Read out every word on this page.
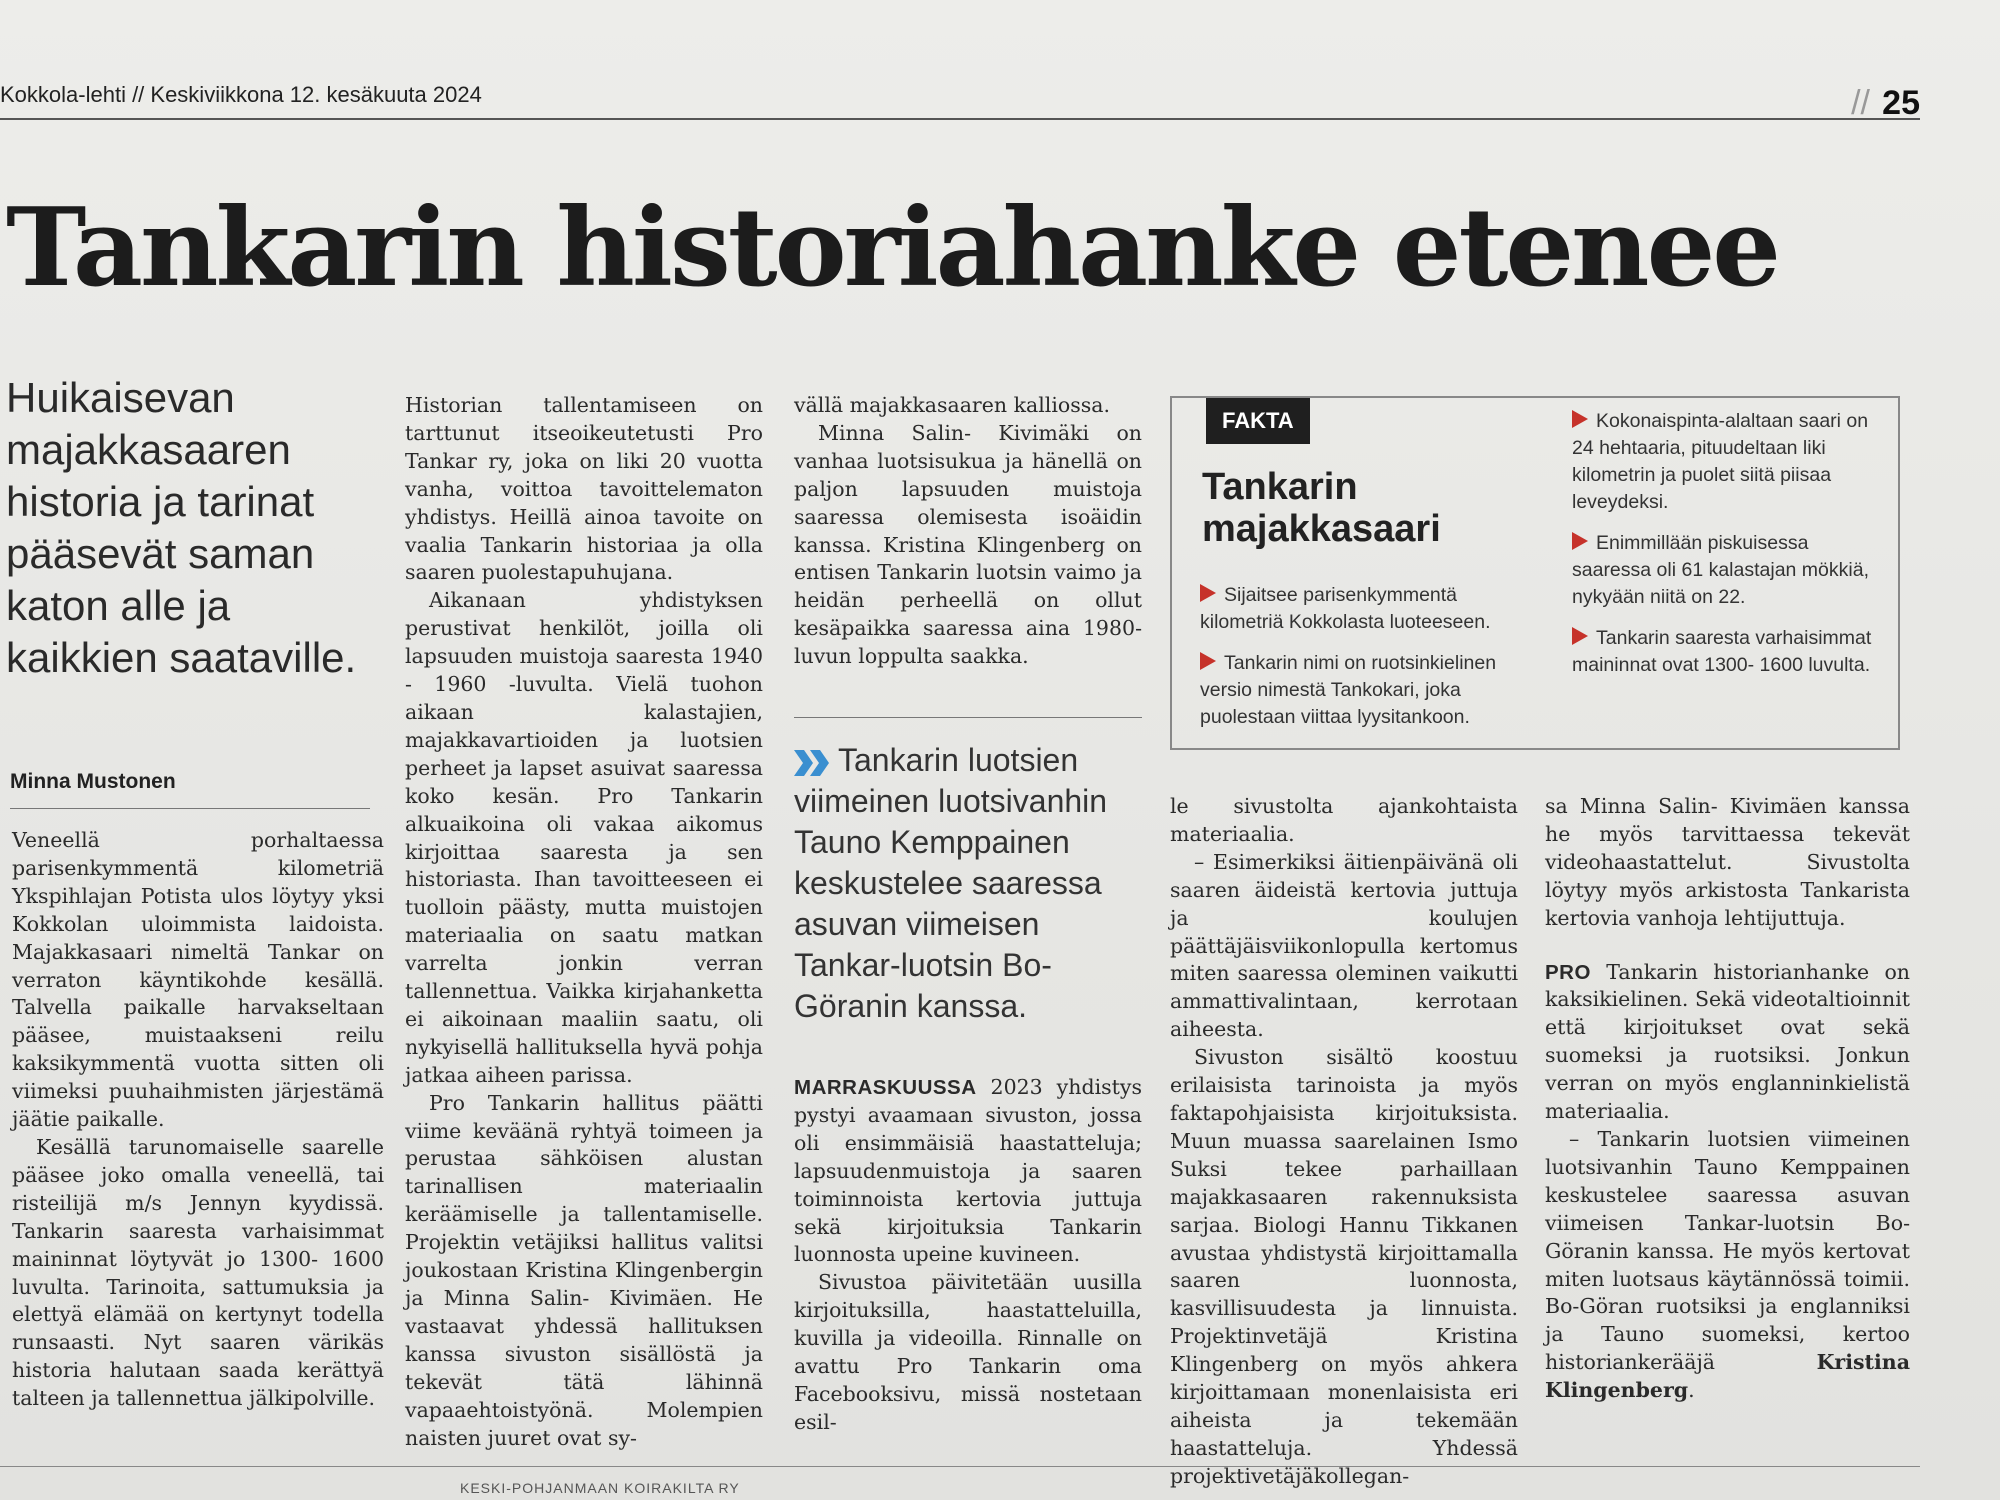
Kokkola-lehti // Keskiviikkona 12. kesäkuuta 2024	// 25
Tankarin historiahanke etenee

Huikaisevan majakkasaaren historia ja tarinat pääsevät saman katon alle ja kaikkien saataville.

Minna Mustonen

Veneellä porhaltaessa parisenkymmentä kilometriä Ykspihlajan Potista ulos löytyy yksi Kokkolan uloimmista laidoista. Majakkasaari nimeltä Tankar on verraton käyntikohde kesällä. Talvella paikalle harvakseltaan pääsee, muistaakseni reilu kaksikymmentä vuotta sitten oli viimeksi puuhaihmisten järjestämä jäätie paikalle.

Kesällä tarunomaiselle saarelle pääsee joko omalla veneellä, tai risteilijä m/s Jennyn kyydissä. Tankarin saaresta varhaisimmat maininnat löytyvät jo 1300- 1600 luvulta. Tarinoita, sattumuksia ja elettyä elämää on kertynyt todella runsaasti. Nyt saaren värikäs historia halutaan saada kerättyä talteen ja tallennettua jälkipolville.

Historian tallentamiseen on tarttunut itseoikeutetusti Pro Tankar ry, joka on liki 20 vuotta vanha, voittoa tavoittelematon yhdistys. Heillä ainoa tavoite on vaalia Tankarin historiaa ja olla saaren puolestapuhujana.

Aikanaan yhdistyksen perustivat henkilöt, joilla oli lapsuuden muistoja saaresta 1940 - 1960 -luvulta. Vielä tuohon aikaan kalastajien, majakkavartioiden ja luotsien perheet ja lapset asuivat saaressa koko kesän. Pro Tankarin alkuaikoina oli vakaa aikomus kirjoittaa saaresta ja sen historiasta. Ihan tavoitteeseen ei tuolloin päästy, mutta muistojen materiaalia on saatu matkan varrelta jonkin verran tallennettua. Vaikka kirjahanketta ei aikoinaan maaliin saatu, oli nykyisellä hallituksella hyvä pohja jatkaa aiheen parissa.

Pro Tankarin hallitus päätti viime keväänä ryhtyä toimeen ja perustaa sähköisen alustan tarinallisen materiaalin keräämiselle ja tallentamiselle. Projektin vetäjiksi hallitus valitsi joukostaan Kristina Klingenbergin ja Minna Salin- Kivimäen. He vastaavat yhdessä hallituksen kanssa sivuston sisällöstä ja tekevät tätä lähinnä vapaaehtoistyönä. Molempien naisten juuret ovat sy-

vällä majakkasaaren kalliossa.

Minna Salin- Kivimäki on vanhaa luotsisukua ja hänellä on paljon lapsuuden muistoja saaressa olemisesta isoäidin kanssa. Kristina Klingenberg on entisen Tankarin luotsin vaimo ja heidän perheellä on ollut kesäpaikka saaressa aina 1980-luvun loppulta saakka.

Tankarin luotsien viimeinen luotsivanhin Tauno Kemppainen keskustelee saaressa asuvan viimeisen Tankar-luotsin Bo-Göranin kanssa.

MARRASKUUSSA 2023 yhdistys pystyi avaamaan sivuston, jossa oli ensimmäisiä haastatteluja; lapsuudenmuistoja ja saaren toiminnoista kertovia juttuja sekä kirjoituksia Tankarin luonnosta upeine kuvineen.

Sivustoa päivitetään uusilla kirjoituksilla, haastatteluilla, kuvilla ja videoilla. Rinnalle on avattu Pro Tankarin oma Facebooksivu, missä nostetaan esil-

FAKTA
Tankarin majakkasaari
Sijaitsee parisenkymmentä kilometriä Kokkolasta luoteeseen.
Tankarin nimi on ruotsinkielinen versio nimestä Tankokari, joka puolestaan viittaa lyysitankoon.
Kokonaispinta-alaltaan saari on 24 hehtaaria, pituudeltaan liki kilometrin ja puolet siitä piisaa leveydeksi.
Enimmillään piskuisessa saaressa oli 61 kalastajan mökkiä, nykyään niitä on 22.
Tankarin saaresta varhaisimmat maininnat ovat 1300- 1600 luvulta.

le sivustolta ajankohtaista materiaalia.

– Esimerkiksi äitienpäivänä oli saaren äideistä kertovia juttuja ja koulujen päättäjäisviikonlopulla kertomus miten saaressa oleminen vaikutti ammattivalintaan, kerrotaan aiheesta.

Sivuston sisältö koostuu erilaisista tarinoista ja myös faktapohjaisista kirjoituksista. Muun muassa saarelainen Ismo Suksi tekee parhaillaan majakkasaaren rakennuksista sarjaa. Biologi Hannu Tikkanen avustaa yhdistystä kirjoittamalla saaren luonnosta, kasvillisuudesta ja linnuista. Projektinvetäjä Kristina Klingenberg on myös ahkera kirjoittamaan monenlaisista eri aiheista ja tekemään haastatteluja. Yhdessä projektivetäjäkollegan-

sa Minna Salin- Kivimäen kanssa he myös tarvittaessa tekevät videohaastattelut. Sivustolta löytyy myös arkistosta Tankarista kertovia vanhoja lehtijuttuja.

PRO Tankarin historianhanke on kaksikielinen. Sekä videotaltioinnit että kirjoitukset ovat sekä suomeksi ja ruotsiksi. Jonkun verran on myös englanninkielistä materiaalia.

– Tankarin luotsien viimeinen luotsivanhin Tauno Kemppainen keskustelee saaressa asuvan viimeisen Tankar-luotsin Bo-Göranin kanssa. He myös kertovat miten luotsaus käytännössä toimii. Bo-Göran ruotsiksi ja englanniksi ja Tauno suomeksi, kertoo historiankerääjä Kristina Klingenberg.

KESKI-POHJANMAAN KOIRAKILTA RY
